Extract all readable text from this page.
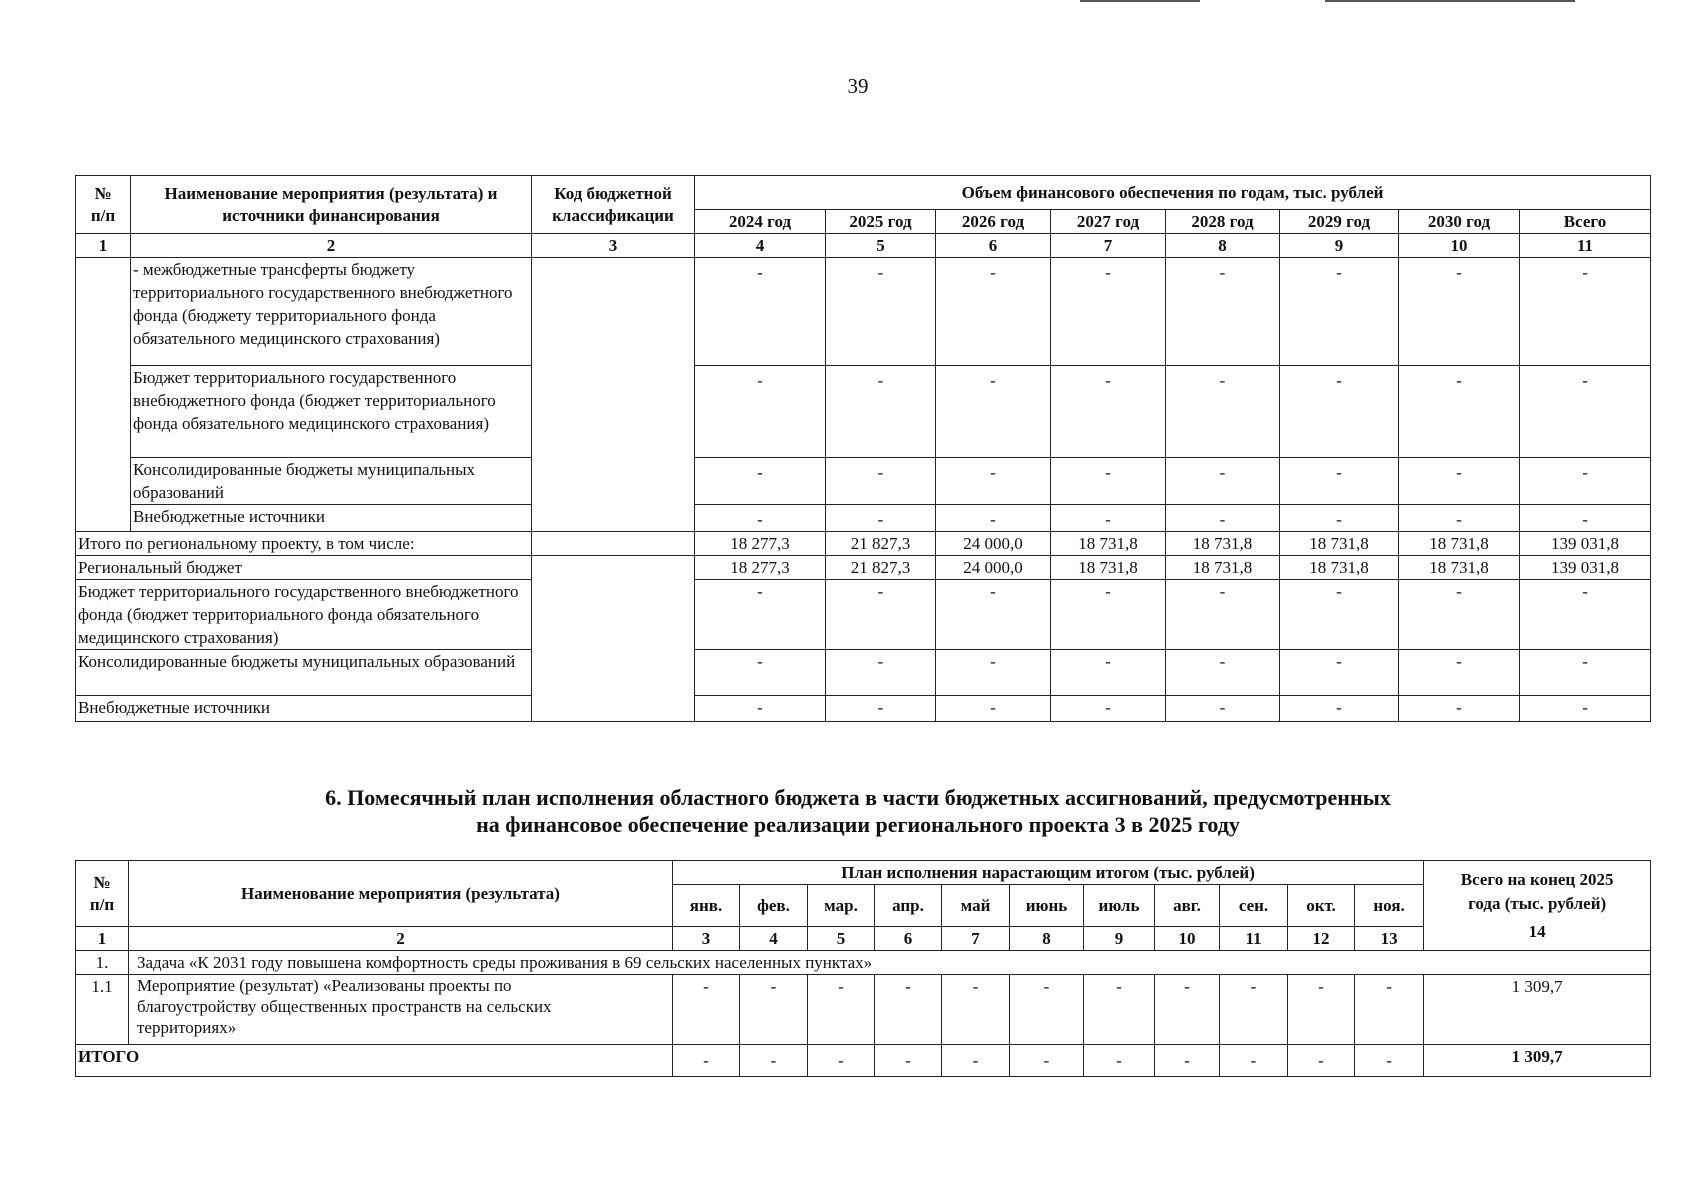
39
№
п/п	Наименование мероприятия (результата) и источники финансирования	Код бюджетной классификации	Объем финансового обеспечения по годам, тыс. рублей							
			2024 год	2025 год	2026 год	2027 год	2028 год	2029 год	2030 год	Всего
1	2	3	4	5	6	7	8	9	10	11
	- межбюджетные трансферты бюджету территориального государственного внебюджетного фонда (бюджету территориального фонда обязательного медицинского страхования)		-	-	-	-	-	-	-	-
	Бюджет территориального государственного внебюджетного фонда (бюджет территориального фонда обязательного медицинского страхования)		-	-	-	-	-	-	-	-
	Консолидированные бюджеты муниципальных образований		-	-	-	-	-	-	-	-
	Внебюджетные источники		-	-	-	-	-	-	-	-
Итого по региональному проекту, в том числе:			18 277,3	21 827,3	24 000,0	18 731,8	18 731,8	18 731,8	18 731,8	139 031,8
Региональный бюджет			18 277,3	21 827,3	24 000,0	18 731,8	18 731,8	18 731,8	18 731,8	139 031,8
Бюджет территориального государственного внебюджетного фонда (бюджет территориального фонда обязательного медицинского страхования)			-	-	-	-	-	-	-	-
Консолидированные бюджеты муниципальных образований			-	-	-	-	-	-	-	-
Внебюджетные источники			-	-	-	-	-	-	-	-
6. Помесячный план исполнения областного бюджета в части бюджетных ассигнований, предусмотренных
на финансовое обеспечение реализации регионального проекта 3 в 2025 году
№
п/п	Наименование мероприятия (результата)	План исполнения нарастающим итогом (тыс. рублей)											Всего на конец 2025 года (тыс. рублей)
14

		янв.	фев.	мар.	апр.	май	июнь	июль	авг.	сен.	окт.	ноя.	
1	2	3	4	5	6	7	8	9	10	11	12	13	
1.	Задача «К 2031 году повышена комфортность среды проживания в 69 сельских населенных пунктах»												
1.1	Мероприятие (результат) «Реализованы проекты по благоустройству общественных пространств на сельских территориях»	-	-	-	-	-	-	-	-	-	-	-	1 309,7
ИТОГО		-	-	-	-	-	-	-	-	-	-	-	1 309,7
